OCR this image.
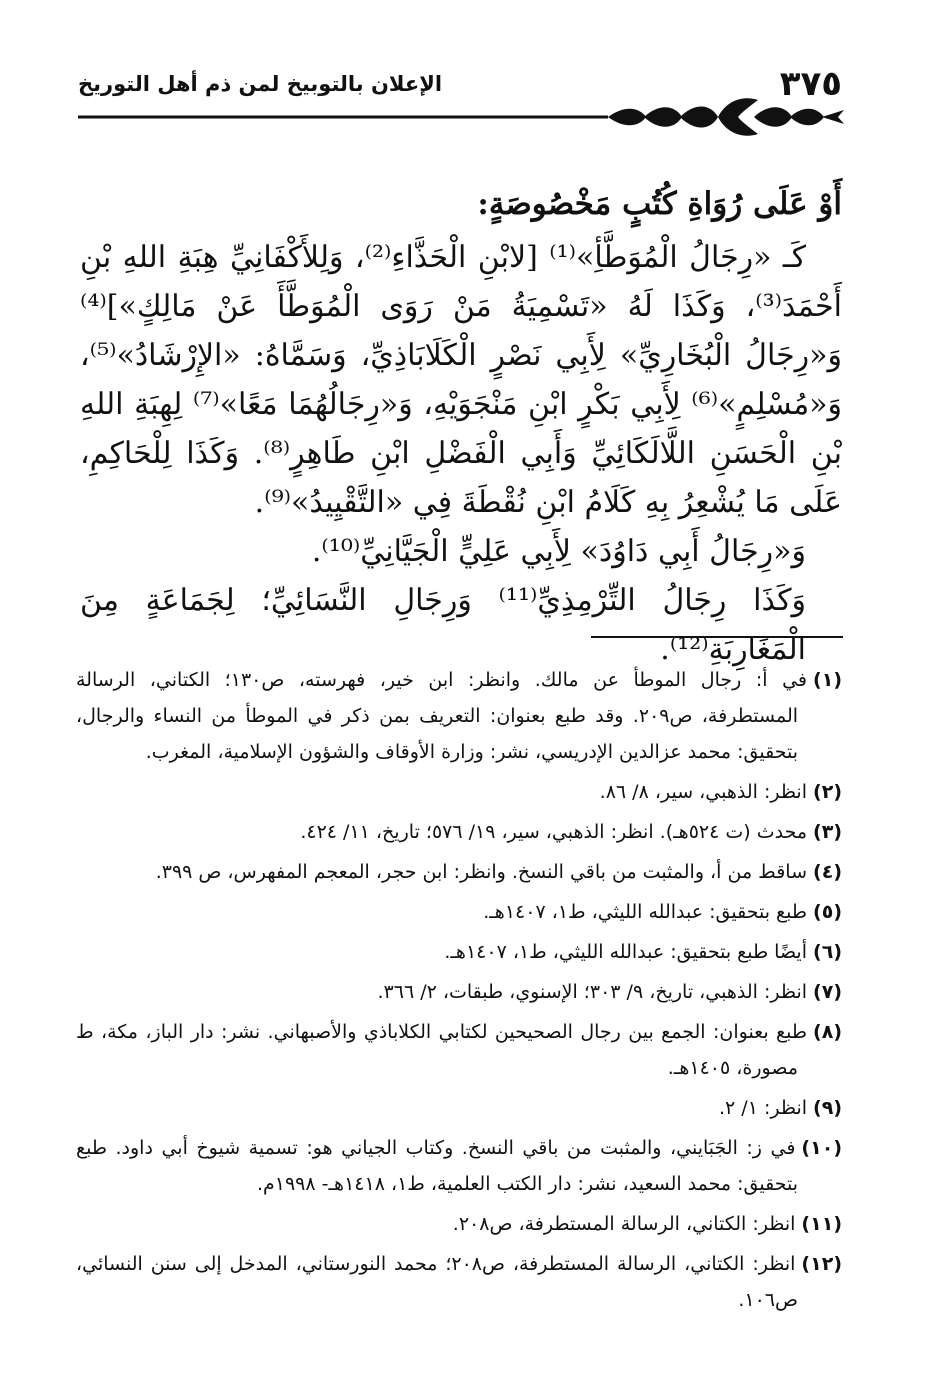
٣٧٥
الإعلان بالتوبيخ لمن ذم أهل التوريخ

أَوْ عَلَى رُوَاةِ كُتُبٍ مَخْصُوصَةٍ:

كَـ «رِجَالُ الْمُوَطَّأِ»⁽¹⁾ [لابْنِ الْحَذَّاءِ⁽²⁾، وَلِلأَكْفَانِيِّ هِبَةِ اللهِ بْنِ أَحْمَدَ⁽³⁾، وَكَذَا لَهُ «تَسْمِيَةُ مَنْ رَوَى الْمُوَطَّأَ عَنْ مَالِكٍ»]⁽⁴⁾ وَ«رِجَالُ الْبُخَارِيِّ» لِأَبِي نَصْرٍ الْكَلَابَاذِيِّ، وَسَمَّاهُ: «الإِرْشَادُ»⁽⁵⁾، وَ«مُسْلِمٍ»⁽⁶⁾ لِأَبِي بَكْرٍ ابْنِ مَنْجَوَيْهِ، وَ«رِجَالُهُمَا مَعًا»⁽⁷⁾ لِهِبَةِ اللهِ بْنِ الْحَسَنِ اللَّالَكَائِيِّ وَأَبِي الْفَضْلِ ابْنِ طَاهِرٍ⁽⁸⁾. وَكَذَا لِلْحَاكِمِ، عَلَى مَا يُشْعِرُ بِهِ كَلَامُ ابْنِ نُقْطَةَ فِي «التَّقْيِيدُ»⁽⁹⁾.

وَ«رِجَالُ أَبِي دَاوُدَ» لِأَبِي عَلِيٍّ الْجَيَّانِيِّ⁽¹⁰⁾.

وَكَذَا رِجَالُ التِّرْمِذِيِّ⁽¹¹⁾ وَرِجَالِ النَّسَائِيِّ؛ لِجَمَاعَةٍ مِنَ الْمَغَارِبَةِ⁽¹²⁾.

(١)في أ: رجال الموطأ عن مالك. وانظر: ابن خير، فهرسته، ص١٣٠؛ الكتاني، الرسالة المستطرفة، ص٢٠٩. وقد طبع بعنوان: التعريف بمن ذكر في الموطأ من النساء والرجال، بتحقيق: محمد عزالدين الإدريسي، نشر: وزارة الأوقاف والشؤون الإسلامية، المغرب.

(٢)انظر: الذهبي، سير، ٨/ ٨٦.

(٣)محدث (ت ٥٢٤هـ). انظر: الذهبي، سير، ١٩/ ٥٧٦؛ تاريخ، ١١/ ٤٢٤.

(٤)ساقط من أ، والمثبت من باقي النسخ. وانظر: ابن حجر، المعجم المفهرس، ص ٣٩٩.

(٥)طبع بتحقيق: عبدالله الليثي، ط١، ١٤٠٧هـ.

(٦)أيضًا طبع بتحقيق: عبدالله الليثي، ط١، ١٤٠٧هـ.

(٧)انظر: الذهبي، تاريخ، ٩/ ٣٠٣؛ الإسنوي، طبقات، ٢/ ٣٦٦.

(٨)طبع بعنوان: الجمع بين رجال الصحيحين لكتابي الكلاباذي والأصبهاني. نشر: دار الباز، مكة، ط مصورة، ١٤٠٥هـ.

(٩)انظر: ١/ ٢.

(١٠)في ز: الجَبَايني، والمثبت من باقي النسخ. وكتاب الجياني هو: تسمية شيوخ أبي داود. طبع بتحقيق: محمد السعيد، نشر: دار الكتب العلمية، ط١، ١٤١٨هـ- ١٩٩٨م.

(١١)انظر: الكتاني، الرسالة المستطرفة، ص٢٠٨.

(١٢)انظر: الكتاني، الرسالة المستطرفة، ص٢٠٨؛ محمد النورستاني، المدخل إلى سنن النسائي، ص١٠٦.
